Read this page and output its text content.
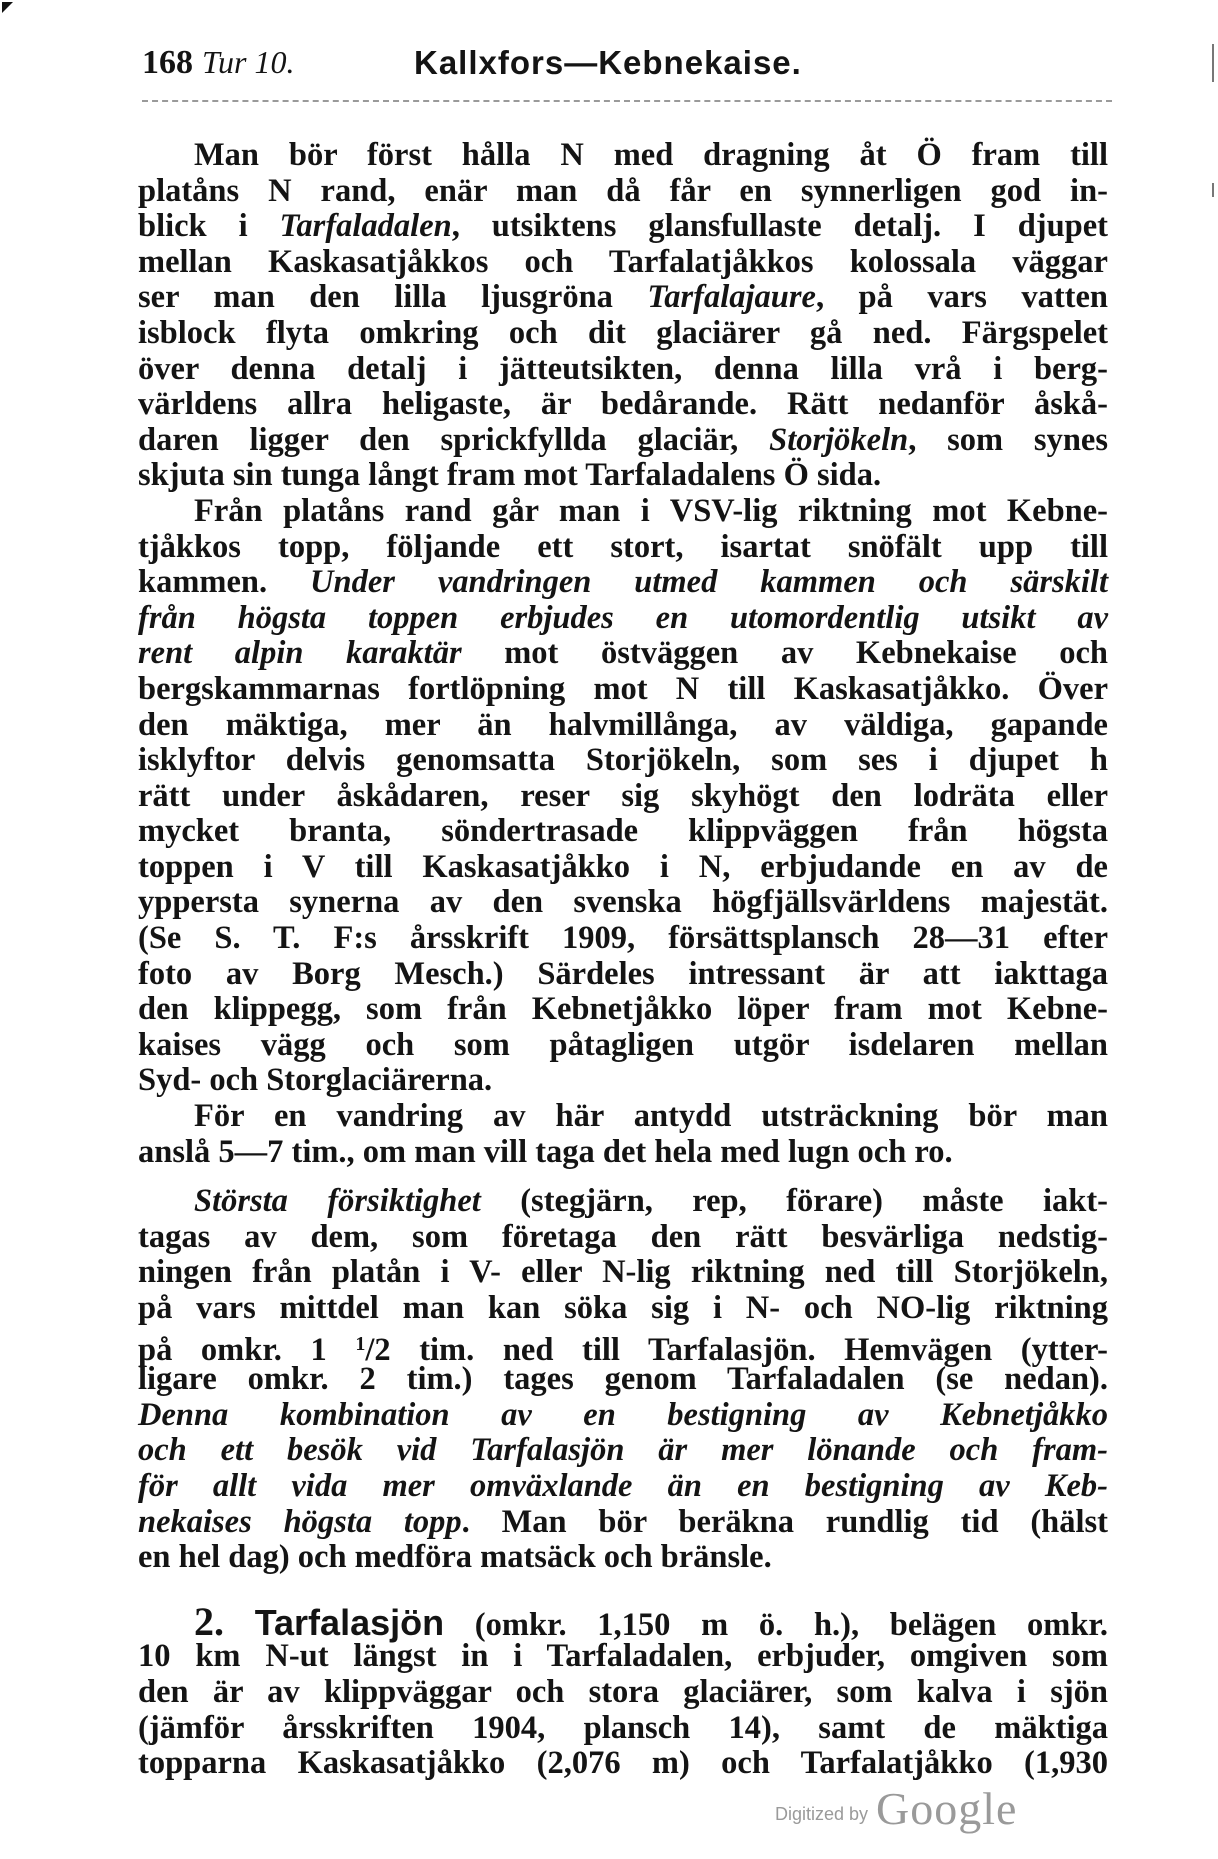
168 Tur 10.	Kallxfors—Kebnekaise.
Man bör först hålla N med dragning åt Ö fram till
platåns N rand, enär man då får en synnerligen god in-
blick i Tarfaladalen, utsiktens glansfullaste detalj. I djupet
mellan Kaskasatjåkkos och Tarfalatjåkkos kolossala väggar
ser man den lilla ljusgröna Tarfalajaure, på vars vatten
isblock flyta omkring och dit glaciärer gå ned. Färgspelet
över denna detalj i jätteutsikten, denna lilla vrå i berg-
världens allra heligaste, är bedårande. Rätt nedanför åskå-
daren ligger den sprickfyllda glaciär, Storjökeln, som synes
skjuta sin tunga långt fram mot Tarfaladalens Ö sida.
Från platåns rand går man i VSV-lig riktning mot Kebne-
tjåkkos topp, följande ett stort, isartat snöfält upp till
kammen. Under vandringen utmed kammen och särskilt
från högsta toppen erbjudes en utomordentlig utsikt av
rent alpin karaktär mot östväggen av Kebnekaise och
bergskammarnas fortlöpning mot N till Kaskasatjåkko. Över
den mäktiga, mer än halvmillånga, av väldiga, gapande
isklyftor delvis genomsatta Storjökeln, som ses i djupet h
rätt under åskådaren, reser sig skyhögt den lodräta eller
mycket branta, söndertrasade klippväggen från högsta
toppen i V till Kaskasatjåkko i N, erbjudande en av de
yppersta synerna av den svenska högfjällsvärldens majestät.
(Se S. T. F:s årsskrift 1909, försättsplansch 28—31 efter
foto av Borg Mesch.) Särdeles intressant är att iakttaga
den klippegg, som från Kebnetjåkko löper fram mot Kebne-
kaises vägg och som påtagligen utgör isdelaren mellan
Syd- och Storglaciärerna.
För en vandring av här antydd utsträckning bör man
anslå 5—7 tim., om man vill taga det hela med lugn och ro.
Största försiktighet (stegjärn, rep, förare) måste iakt-
tagas av dem, som företaga den rätt besvärliga nedstig-
ningen från platån i V- eller N-lig riktning ned till Storjökeln,
på vars mittdel man kan söka sig i N- och NO-lig riktning
på omkr. 1 $^1$/2 tim. ned till Tarfalasjön. Hemvägen (ytter-
ligare omkr. 2 tim.) tages genom Tarfaladalen (se nedan).
Denna kombination av en bestigning av Kebnetjåkko
och ett besök vid Tarfalasjön är mer lönande och fram-
för allt vida mer omväxlande än en bestigning av Keb-
nekaises högsta topp. Man bör beräkna rundlig tid (hälst
en hel dag) och medföra matsäck och bränsle.
2. Tarfalasjön (omkr. 1,150 m ö. h.), belägen omkr.
10 km N-ut längst in i Tarfaladalen, erbjuder, omgiven som
den är av klippväggar och stora glaciärer, som kalva i sjön
(jämför årsskriften 1904, plansch 14), samt de mäktiga
topparna Kaskasatjåkko (2,076 m) och Tarfalatjåkko (1,930
Digitized by Google
